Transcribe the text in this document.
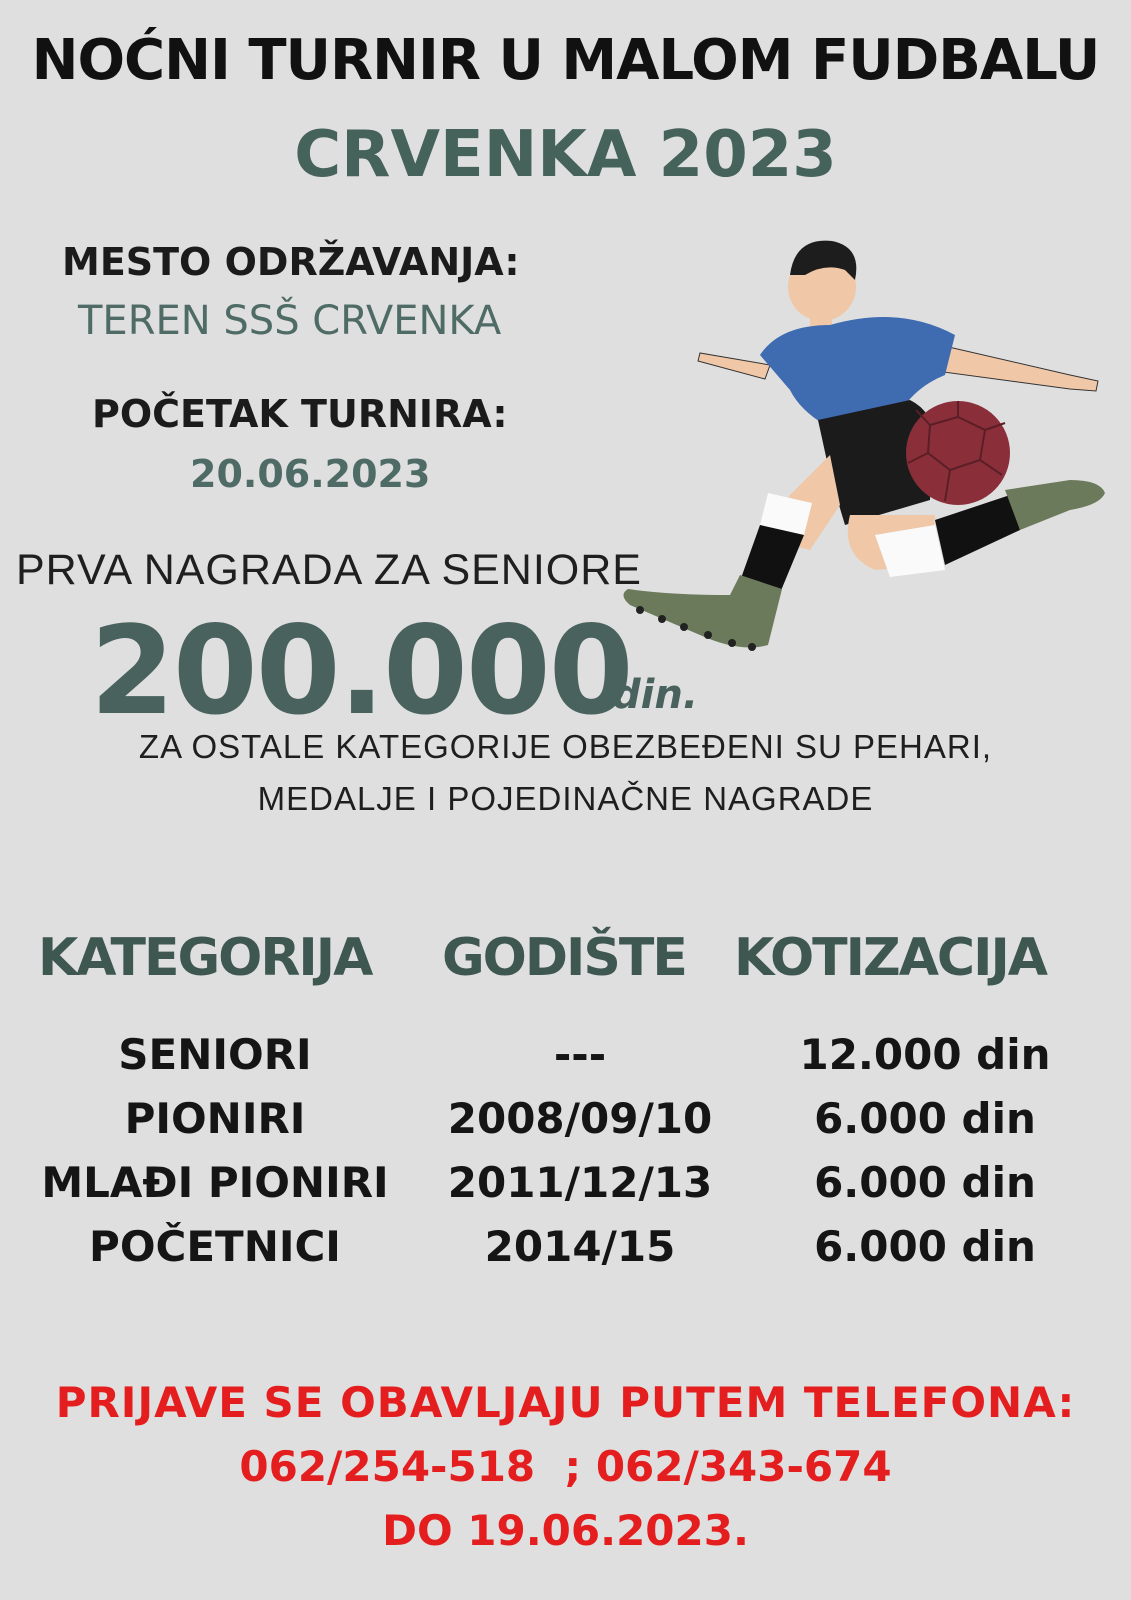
NOĆNI TURNIR U MALOM FUDBALU
CRVENKA 2023
MESTO ODRŽAVANJA:
TEREN SSŠ CRVENKA
POČETAK TURNIRA:
20.06.2023
PRVA NAGRADA ZA SENIORE
200.000
din.
ZA OSTALE KATEGORIJE OBEZBEĐENI SU PEHARI,
MEDALJE I POJEDINAČNE NAGRADE
KATEGORIJA GODIŠTE KOTIZACIJA
SENIORI	---	12.000 din
PIONIRI	2008/09/10	6.000 din
MLAĐI PIONIRI	2011/12/13	6.000 din
POČETNICI	2014/15	6.000 din
PRIJAVE SE OBAVLJAJU PUTEM TELEFONA:
062/254-518  ; 062/343-674
DO 19.06.2023.
